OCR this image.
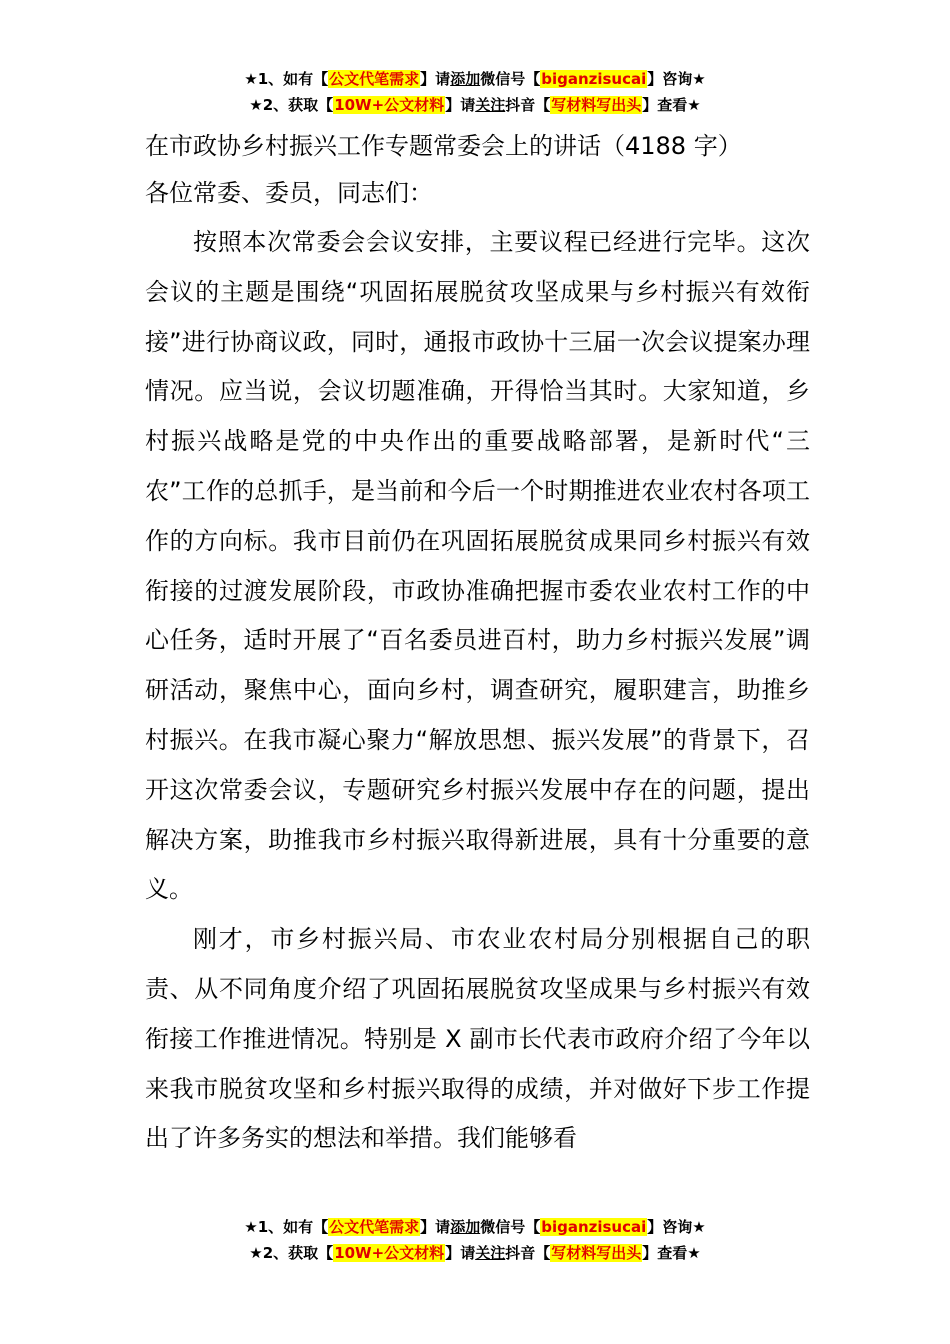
★1、如有【公文代笔需求】请添加微信号【biganzisucai】咨询★
★2、获取【10W+公文材料】请关注抖音【写材料写出头】查看★
在市政协乡村振兴工作专题常委会上的讲话（4188 字）

各位常委、委员，同志们：

按照本次常委会会议安排，主要议程已经进行完毕。这次会议的主题是围绕“巩固拓展脱贫攻坚成果与乡村振兴有效衔接”进行协商议政，同时，通报市政协十三届一次会议提案办理情况。应当说，会议切题准确，开得恰当其时。大家知道，乡村振兴战略是党的中央作出的重要战略部署，是新时代“三农”工作的总抓手，是当前和今后一个时期推进农业农村各项工作的方向标。我市目前仍在巩固拓展脱贫成果同乡村振兴有效衔接的过渡发展阶段，市政协准确把握市委农业农村工作的中心任务，适时开展了“百名委员进百村，助力乡村振兴发展”调研活动，聚焦中心，面向乡村，调查研究，履职建言，助推乡村振兴。在我市凝心聚力“解放思想、振兴发展”的背景下，召开这次常委会议，专题研究乡村振兴发展中存在的问题，提出解决方案，助推我市乡村振兴取得新进展，具有十分重要的意义。

刚才，市乡村振兴局、市农业农村局分别根据自己的职责、从不同角度介绍了巩固拓展脱贫攻坚成果与乡村振兴有效衔接工作推进情况。特别是 X 副市长代表市政府介绍了今年以来我市脱贫攻坚和乡村振兴取得的成绩，并对做好下步工作提出了许多务实的想法和举措。我们能够看

★1、如有【公文代笔需求】请添加微信号【biganzisucai】咨询★
★2、获取【10W+公文材料】请关注抖音【写材料写出头】查看★
